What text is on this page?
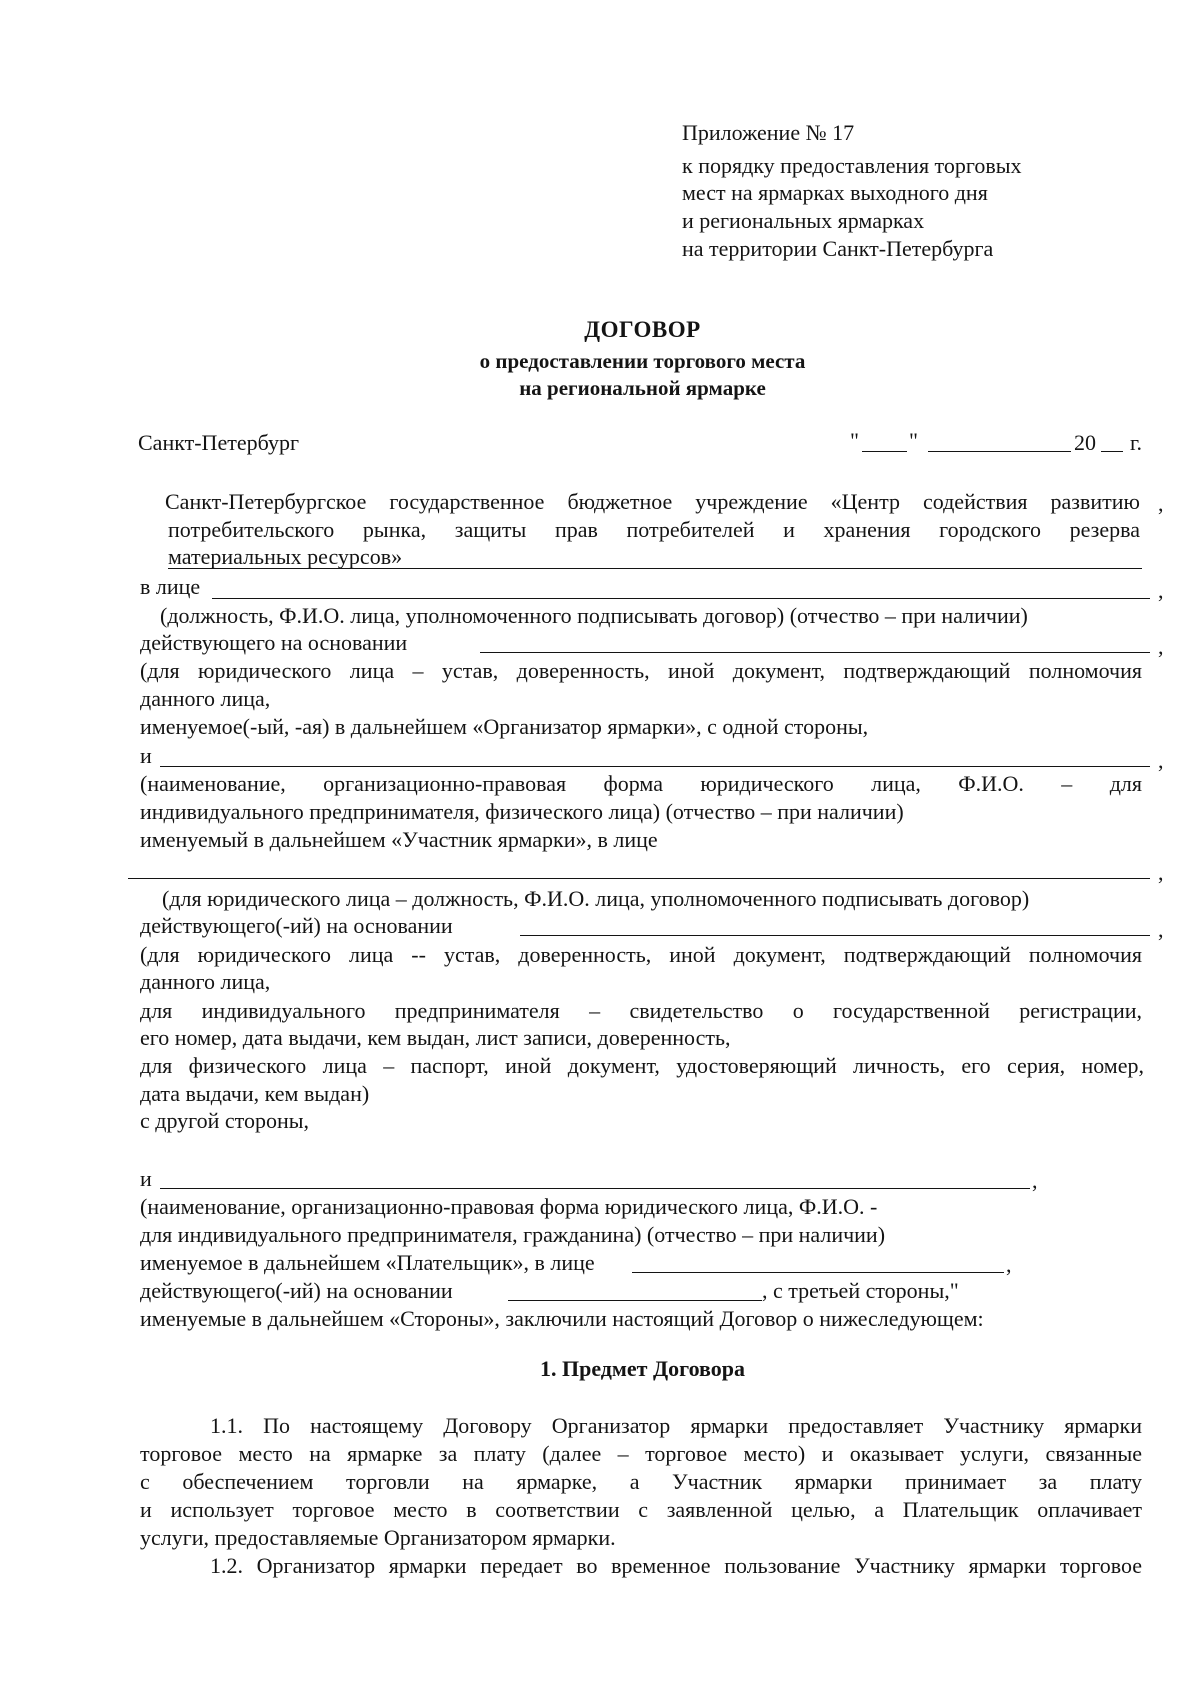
Приложение № 17
к порядку предоставления торговых
мест на ярмарках выходного дня
и региональных ярмарках
на территории Санкт-Петербурга
ДОГОВОР
о предоставлении торгового места
на региональной ярмарке
Санкт-Петербург	" "	20 г.
Санкт-Петербургское государственное бюджетное учреждение «Центр содействия развитию ,
потребительского рынка, защиты прав потребителей и хранения городского резерва
материальных ресурсов»
в лице	,
(должность, Ф.И.О. лица, уполномоченного подписывать договор) (отчество – при наличии)
действующего на основании	,
(для юридического лица – устав, доверенность, иной документ, подтверждающий полномочия
данного лица,
именуемое(-ый, -ая) в дальнейшем «Организатор ярмарки», с одной стороны,
и	,
(наименование, организационно-правовая форма юридического лица, Ф.И.О. – для
индивидуального предпринимателя, физического лица) (отчество – при наличии)
именуемый в дальнейшем «Участник ярмарки», в лице
,
(для юридического лица – должность, Ф.И.О. лица, уполномоченного подписывать договор)
действующего(-ий) на основании	,
(для юридического лица -- устав, доверенность, иной документ, подтверждающий полномочия
данного лица,
для индивидуального предпринимателя – свидетельство о государственной регистрации,
его номер, дата выдачи, кем выдан, лист записи, доверенность,
для физического лица – паспорт, иной документ, удостоверяющий личность, его серия, номер,
дата выдачи, кем выдан)
с другой стороны,
и	,
(наименование, организационно-правовая форма юридического лица, Ф.И.О. -
для индивидуального предпринимателя, гражданина) (отчество – при наличии)
именуемое в дальнейшем «Плательщик», в лице	,
действующего(-ий) на основании	, с третьей стороны,"
именуемые в дальнейшем «Стороны», заключили настоящий Договор о нижеследующем:
1. Предмет Договора
1.1. По настоящему Договору Организатор ярмарки предоставляет Участнику ярмарки
торговое место на ярмарке за плату (далее – торговое место) и оказывает услуги, связанные
с обеспечением торговли на ярмарке, а Участник ярмарки принимает за плату
и использует торговое место в соответствии с заявленной целью, а Плательщик оплачивает
услуги, предоставляемые Организатором ярмарки.
1.2. Организатор ярмарки передает во временное пользование Участнику ярмарки торговое
